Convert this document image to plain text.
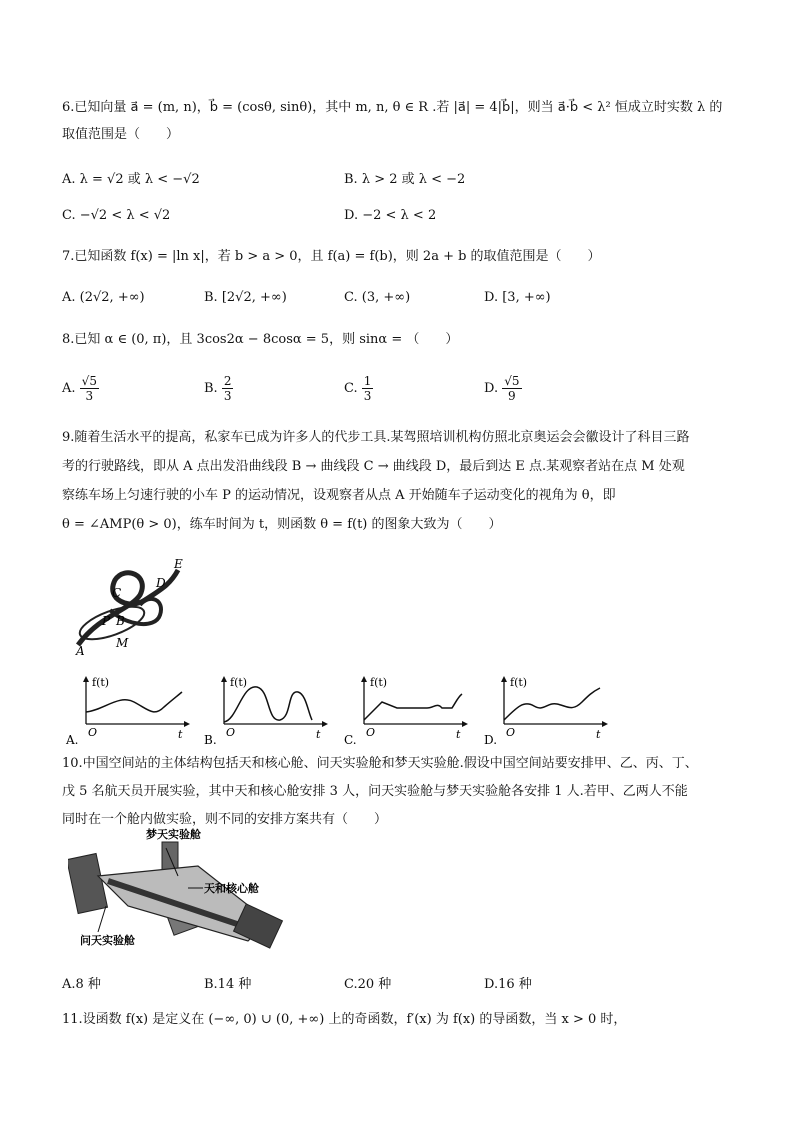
6.已知向量 a⃗ = (m, n)，b⃗ = (cosθ, sinθ)，其中 m, n, θ ∈ R .若 |a⃗| = 4|b⃗|，则当 a⃗·b⃗ < λ² 恒成立时实数 λ 的

取值范围是（　　）

A. λ = √2 或 λ < −√2	B. λ > 2 或 λ < −2
C. −√2 < λ < √2	D. −2 < λ < 2

7.已知函数 f(x) = |ln x|，若 b > a > 0，且 f(a) = f(b)，则 2a + b 的取值范围是（　　）

A. (2√2, +∞)	B. [2√2, +∞)	C. (3, +∞)	D. [3, +∞)

8.已知 α ∈ (0, π)，且 3cos2α − 8cosα = 5，则 sinα = （　　）

A. $\frac{√5}{3}$	B. $\frac{2}{3}$	C. $\frac{1}{3}$	D. $\frac{√5}{9}$

9.随着生活水平的提高，私家车已成为许多人的代步工具.某驾照培训机构仿照北京奥运会会徽设计了科目三路

考的行驶路线，即从 A 点出发沿曲线段 B → 曲线段 C → 曲线段 D，最后到达 E 点.某观察者站在点 M 处观

察练车场上匀速行驶的小车 P 的运动情况，设观察者从点 A 开始随车子运动变化的视角为 θ，即

θ = ∠AMP(θ > 0)，练车时间为 t，则函数 θ = f(t) 的图象大致为（　　）

E
D
C
P B
A
M
f(t)
O	t
A.
f(t)
O	t
B.
f(t)
O	t
C.
f(t)
O	t
D.

10.中国空间站的主体结构包括天和核心舱、问天实验舱和梦天实验舱.假设中国空间站要安排甲、乙、丙、丁、

戊 5 名航天员开展实验，其中天和核心舱安排 3 人，问天实验舱与梦天实验舱各安排 1 人.若甲、乙两人不能

同时在一个舱内做实验，则不同的安排方案共有（　　）

梦天实验舱
天和核心舱
问天实验舱
A.8 种	B.14 种	C.20 种	D.16 种

11.设函数 f(x) 是定义在 (−∞, 0) ∪ (0, +∞) 上的奇函数，f′(x) 为 f(x) 的导函数，当 x > 0 时，
